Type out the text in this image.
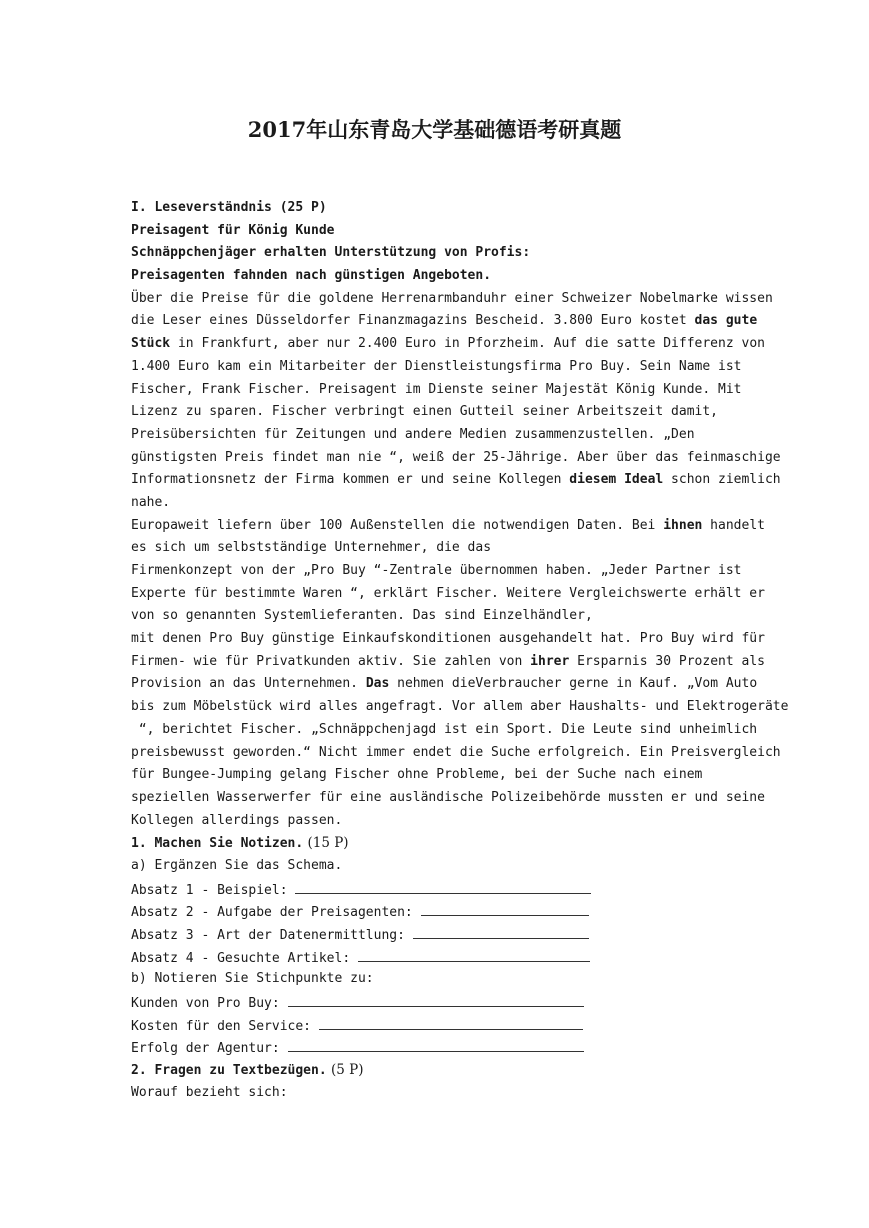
2017年山东青岛大学基础德语考研真题
I. Leseverständnis (25 P)
Preisagent für König Kunde
Schnäppchenjäger erhalten Unterstützung von Profis:
Preisagenten fahnden nach günstigen Angeboten.
Über die Preise für die goldene Herrenarmbanduhr einer Schweizer Nobelmarke wissen
die Leser eines Düsseldorfer Finanzmagazins Bescheid. 3.800 Euro kostet das gute
Stück in Frankfurt, aber nur 2.400 Euro in Pforzheim. Auf die satte Differenz von
1.400 Euro kam ein Mitarbeiter der Dienstleistungsfirma Pro Buy. Sein Name ist
Fischer, Frank Fischer. Preisagent im Dienste seiner Majestät König Kunde. Mit
Lizenz zu sparen. Fischer verbringt einen Gutteil seiner Arbeitszeit damit,
Preisübersichten für Zeitungen und andere Medien zusammenzustellen. „Den
günstigsten Preis findet man nie “, weiß der 25-Jährige. Aber über das feinmaschige
Informationsnetz der Firma kommen er und seine Kollegen diesem Ideal schon ziemlich
nahe.
Europaweit liefern über 100 Außenstellen die notwendigen Daten. Bei ihnen handelt
es sich um selbstständige Unternehmer, die das
Firmenkonzept von der „Pro Buy “-Zentrale übernommen haben. „Jeder Partner ist
Experte für bestimmte Waren “, erklärt Fischer. Weitere Vergleichswerte erhält er
von so genannten Systemlieferanten. Das sind Einzelhändler,
mit denen Pro Buy günstige Einkaufskonditionen ausgehandelt hat. Pro Buy wird für
Firmen- wie für Privatkunden aktiv. Sie zahlen von ihrer Ersparnis 30 Prozent als
Provision an das Unternehmen. Das nehmen dieVerbraucher gerne in Kauf. „Vom Auto
bis zum Möbelstück wird alles angefragt. Vor allem aber Haushalts- und Elektrogeräte
“, berichtet Fischer. „Schnäppchenjagd ist ein Sport. Die Leute sind unheimlich
preisbewusst geworden.“ Nicht immer endet die Suche erfolgreich. Ein Preisvergleich
für Bungee-Jumping gelang Fischer ohne Probleme, bei der Suche nach einem
speziellen Wasserwerfer für eine ausländische Polizeibehörde mussten er und seine
Kollegen allerdings passen.
1. Machen Sie Notizen. (15 P)
a) Ergänzen Sie das Schema.
Absatz 1 - Beispiel:
Absatz 2 - Aufgabe der Preisagenten:
Absatz 3 - Art der Datenermittlung:
Absatz 4 - Gesuchte Artikel:
b) Notieren Sie Stichpunkte zu:
Kunden von Pro Buy:
Kosten für den Service:
Erfolg der Agentur:
2. Fragen zu Textbezügen. (5 P)
Worauf bezieht sich:
